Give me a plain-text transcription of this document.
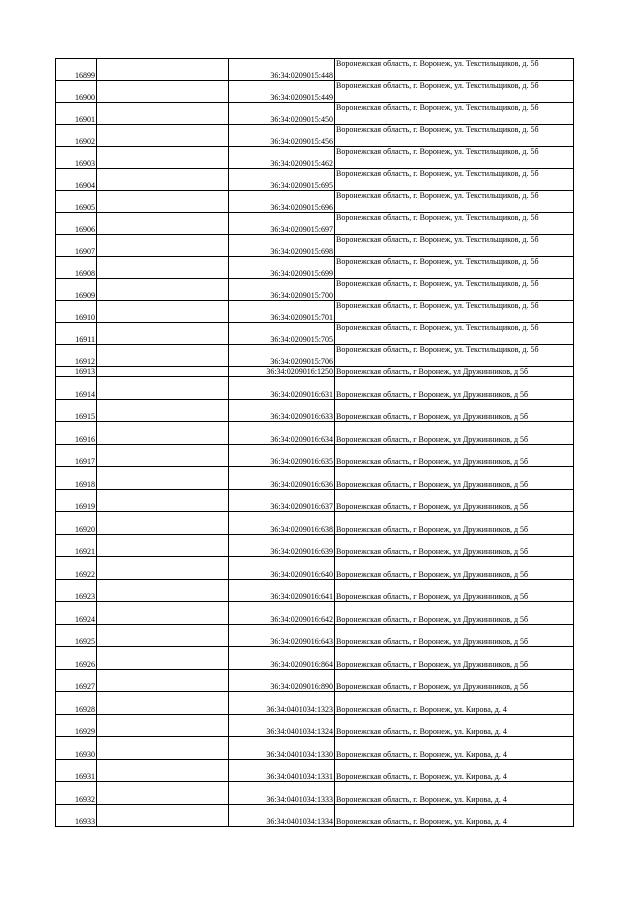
16899		36:34:0209015:448	Воронежская область, г. Воронеж, ул. Текстильщиков, д. 5б
16900		36:34:0209015:449	Воронежская область, г. Воронеж, ул. Текстильщиков, д. 5б
16901		36:34:0209015:450	Воронежская область, г. Воронеж, ул. Текстильщиков, д. 5б
16902		36:34:0209015:456	Воронежская область, г. Воронеж, ул. Текстильщиков, д. 5б
16903		36:34:0209015:462	Воронежская область, г. Воронеж, ул. Текстильщиков, д. 5б
16904		36:34:0209015:695	Воронежская область, г. Воронеж, ул. Текстильщиков, д. 5б
16905		36:34:0209015:696	Воронежская область, г. Воронеж, ул. Текстильщиков, д. 5б
16906		36:34:0209015:697	Воронежская область, г. Воронеж, ул. Текстильщиков, д. 5б
16907		36:34:0209015:698	Воронежская область, г. Воронеж, ул. Текстильщиков, д. 5б
16908		36:34:0209015:699	Воронежская область, г. Воронеж, ул. Текстильщиков, д. 5б
16909		36:34:0209015:700	Воронежская область, г. Воронеж, ул. Текстильщиков, д. 5б
16910		36:34:0209015:701	Воронежская область, г. Воронеж, ул. Текстильщиков, д. 5б
16911		36:34:0209015:705	Воронежская область, г. Воронеж, ул. Текстильщиков, д. 5б
16912		36:34:0209015:706	Воронежская область, г. Воронеж, ул. Текстильщиков, д. 5б
16913		36:34:0209016:1250	Воронежская область, г Воронеж, ул Дружинников, д 5б
16914		36:34:0209016:631	Воронежская область, г Воронеж, ул Дружинников, д 5б
16915		36:34:0209016:633	Воронежская область, г Воронеж, ул Дружинников, д 5б
16916		36:34:0209016:634	Воронежская область, г Воронеж, ул Дружинников, д 5б
16917		36:34:0209016:635	Воронежская область, г Воронеж, ул Дружинников, д 5б
16918		36:34:0209016:636	Воронежская область, г Воронеж, ул Дружинников, д 5б
16919		36:34:0209016:637	Воронежская область, г Воронеж, ул Дружинников, д 5б
16920		36:34:0209016:638	Воронежская область, г Воронеж, ул Дружинников, д 5б
16921		36:34:0209016:639	Воронежская область, г Воронеж, ул Дружинников, д 5б
16922		36:34:0209016:640	Воронежская область, г Воронеж, ул Дружинников, д 5б
16923		36:34:0209016:641	Воронежская область, г Воронеж, ул Дружинников, д 5б
16924		36:34:0209016:642	Воронежская область, г Воронеж, ул Дружинников, д 5б
16925		36:34:0209016:643	Воронежская область, г Воронеж, ул Дружинников, д 5б
16926		36:34:0209016:864	Воронежская область, г Воронеж, ул Дружинников, д 5б
16927		36:34:0209016:890	Воронежская область, г Воронеж, ул Дружинников, д 5б
16928		36:34:0401034:1323	Воронежская область, г. Воронеж, ул. Кирова, д. 4
16929		36:34:0401034:1324	Воронежская область, г. Воронеж, ул. Кирова, д. 4
16930		36:34:0401034:1330	Воронежская область, г. Воронеж, ул. Кирова, д. 4
16931		36:34:0401034:1331	Воронежская область, г. Воронеж, ул. Кирова, д. 4
16932		36:34:0401034:1333	Воронежская область, г. Воронеж, ул. Кирова, д. 4
16933		36:34:0401034:1334	Воронежская область, г. Воронеж, ул. Кирова, д. 4
